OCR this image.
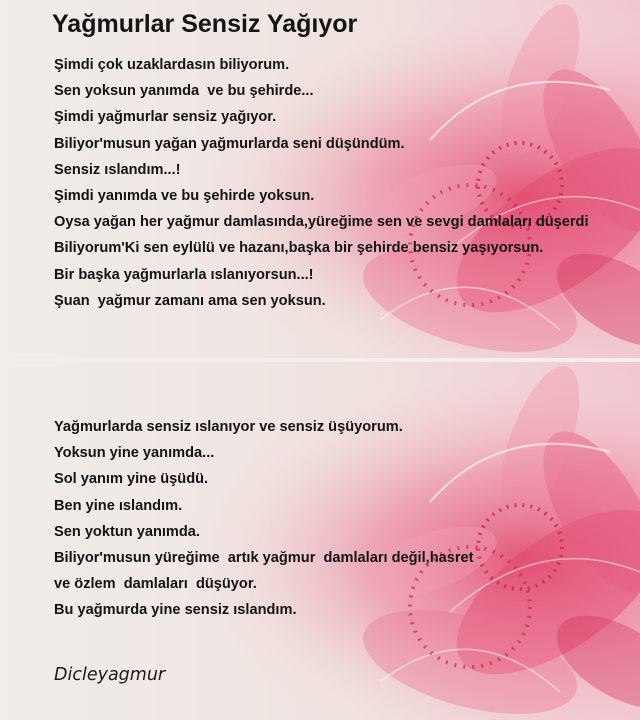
Yağmurlar Sensiz Yağıyor
Şimdi çok uzaklardasın biliyorum.
Sen yoksun yanımda  ve bu şehirde...
Şimdi yağmurlar sensiz yağıyor.
Biliyor'musun yağan yağmurlarda seni düşündüm.
Sensiz ıslandım...!
Şimdi yanımda ve bu şehirde yoksun.
Oysa yağan her yağmur damlasında,yüreğime sen ve sevgi damlaları düşerdi
Biliyorum'Ki sen eylülü ve hazanı,başka bir şehirde bensiz yaşıyorsun.
Bir başka yağmurlarla ıslanıyorsun...!
Şuan  yağmur zamanı ama sen yoksun.
Yağmurlarda sensiz ıslanıyor ve sensiz üşüyorum.
Yoksun yine yanımda...
Sol yanım yine üşüdü.
Ben yine ıslandım.
Sen yoktun yanımda.
Biliyor'musun yüreğime  artık yağmur  damlaları değil,hasret
ve özlem  damlaları  düşüyor.
Bu yağmurda yine sensiz ıslandım.
Dicleyagmur
